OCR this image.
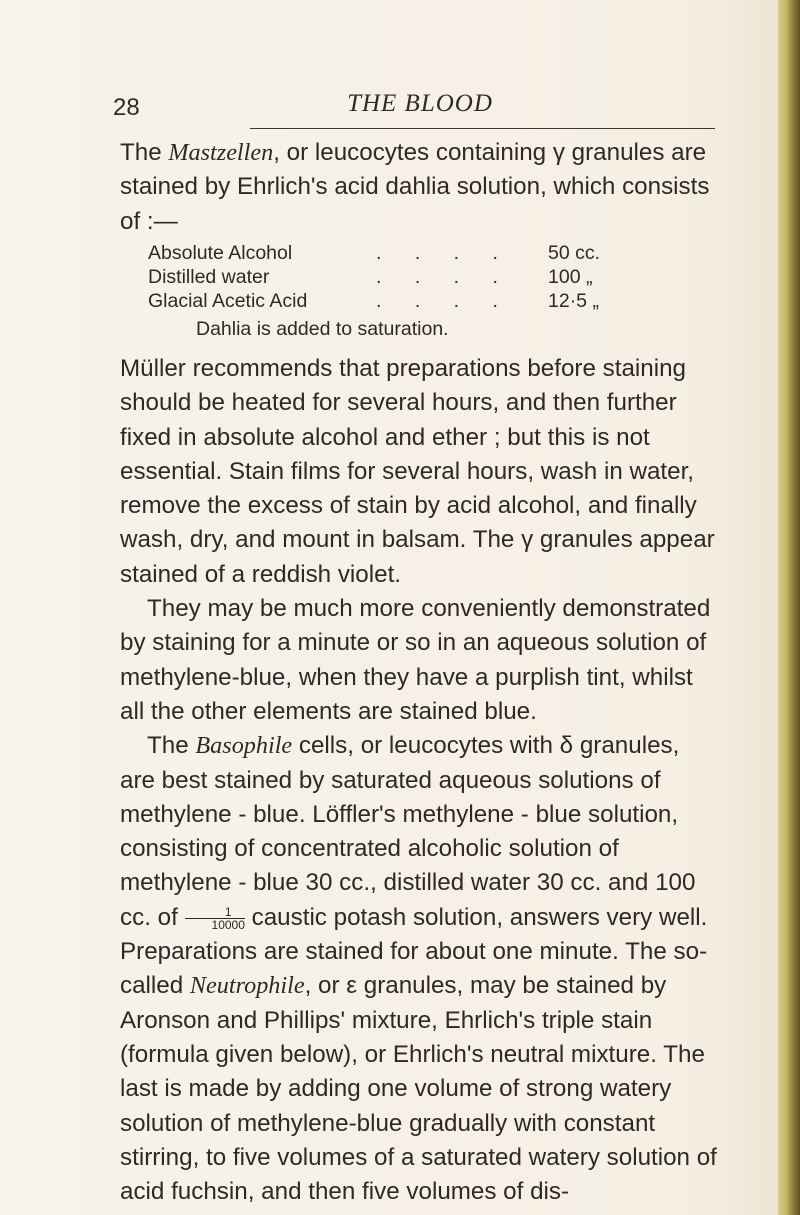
28	THE BLOOD

The Mastzellen, or leucocytes containing γ granules are stained by Ehrlich's acid dahlia solution, which consists of :—

Absolute Alcohol	. . . . 50 cc.
Distilled water	. . . . 100 „
Glacial Acetic Acid	. . . . 12·5 „
Dahlia is added to saturation.

Müller recommends that preparations before staining should be heated for several hours, and then further fixed in absolute alcohol and ether ; but this is not essential. Stain films for several hours, wash in water, remove the excess of stain by acid alcohol, and finally wash, dry, and mount in balsam. The γ granules appear stained of a reddish violet.

They may be much more conveniently demonstrated by staining for a minute or so in an aqueous solution of methylene-blue, when they have a purplish tint, whilst all the other elements are stained blue.

The Basophile cells, or leucocytes with δ granules, are best stained by saturated aqueous solutions of methylene - blue. Löffler's methylene - blue solution, consisting of concentrated alcoholic solution of methylene - blue 30 cc., distilled water 30 cc. and 100 cc. of $\frac{1}{10000}$ caustic potash solution, answers very well. Preparations are stained for about one minute. The so-called Neutrophile, or ε granules, may be stained by Aronson and Phillips' mixture, Ehrlich's triple stain (formula given below), or Ehrlich's neutral mixture. The last is made by adding one volume of strong watery solution of methylene-blue gradually with constant stirring, to five volumes of a saturated watery solution of acid fuchsin, and then five volumes of dis-
